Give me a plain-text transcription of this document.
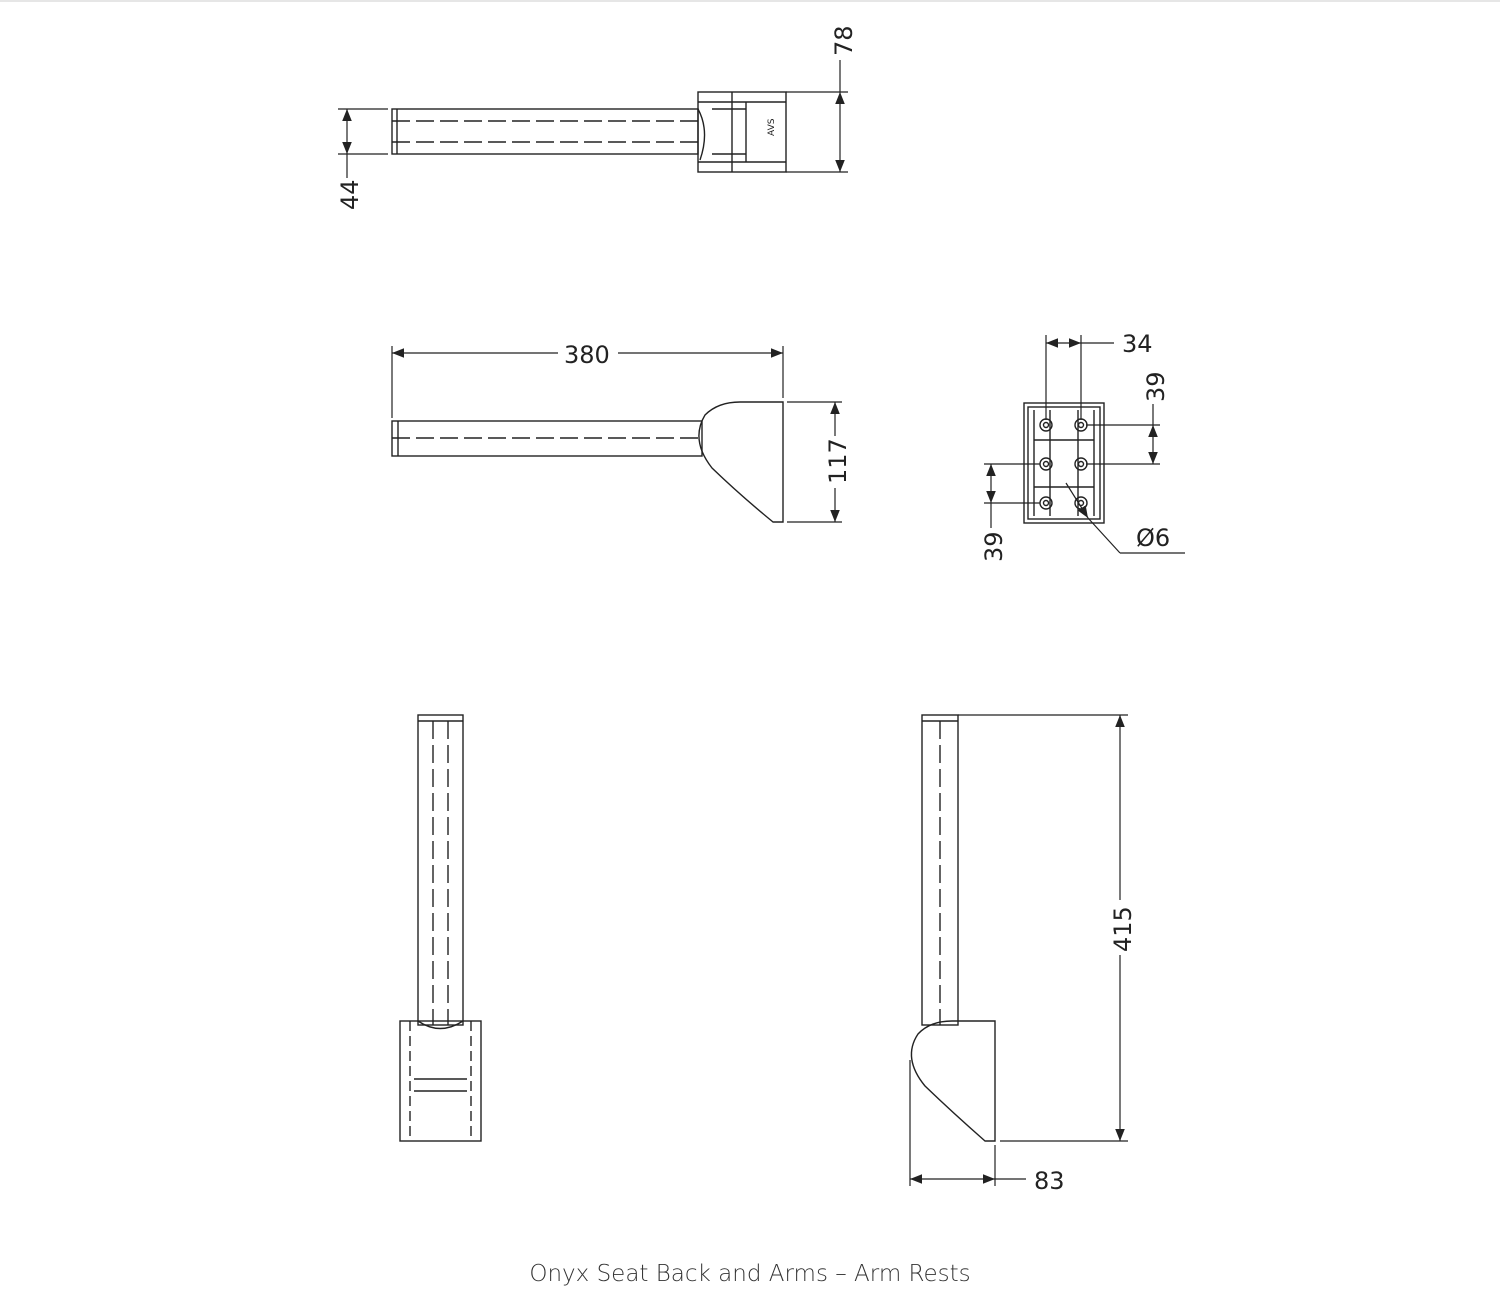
AVS
78
44
380
117
34
39
39	Ø6
415
83
Onyx Seat Back and Arms – Arm Rests
